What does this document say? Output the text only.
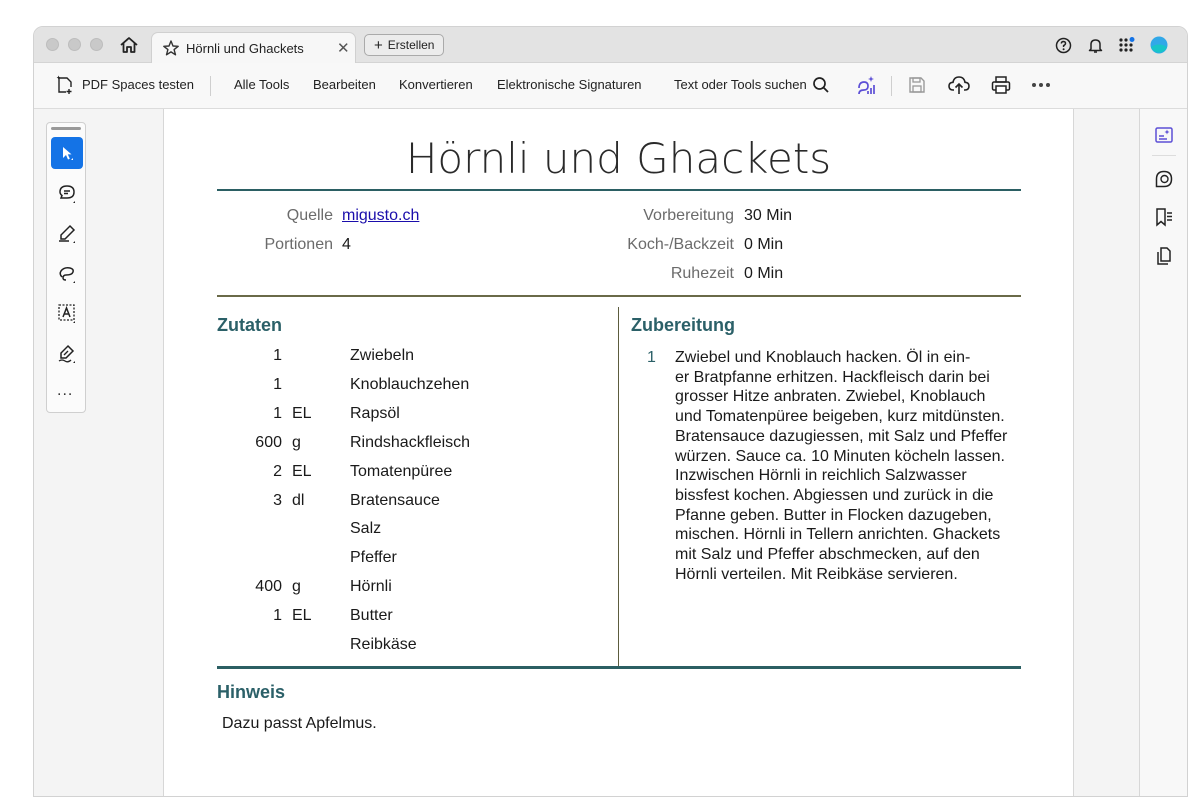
Hörnli und Ghackets ✕ + Erstellen
PDF Spaces testen	Alle Tools Bearbeiten Konvertieren Elektronische Signaturen Text oder Tools suchen
...
Hörnli und Ghackets
Quelle migusto.ch
Portionen 4
Vorbereitung 30 Min
Koch-/Backzeit 0 Min
Ruhezeit 0 Min
Zutaten
1	Zwiebeln
1	Knoblauchzehen
1 EL Rapsöl
600 g	Rindshackfleisch
2 EL Tomatenpüree
3 dl	Bratensauce
Salz
Pfeffer
400 g	Hörnli
1 EL Butter
Reibkäse
Zubereitung
1 Zwiebel und Knoblauch hacken. Öl in ein-
er Bratpfanne erhitzen. Hackfleisch darin bei
grosser Hitze anbraten. Zwiebel, Knoblauch
und Tomatenpüree beigeben, kurz mitdünsten.
Bratensauce dazugiessen, mit Salz und Pfeffer
würzen. Sauce ca. 10 Minuten köcheln lassen.
Inzwischen Hörnli in reichlich Salzwasser
bissfest kochen. Abgiessen und zurück in die
Pfanne geben. Butter in Flocken dazugeben,
mischen. Hörnli in Tellern anrichten. Ghackets
mit Salz und Pfeffer abschmecken, auf den
Hörnli verteilen. Mit Reibkäse servieren.
Hinweis
Dazu passt Apfelmus.
